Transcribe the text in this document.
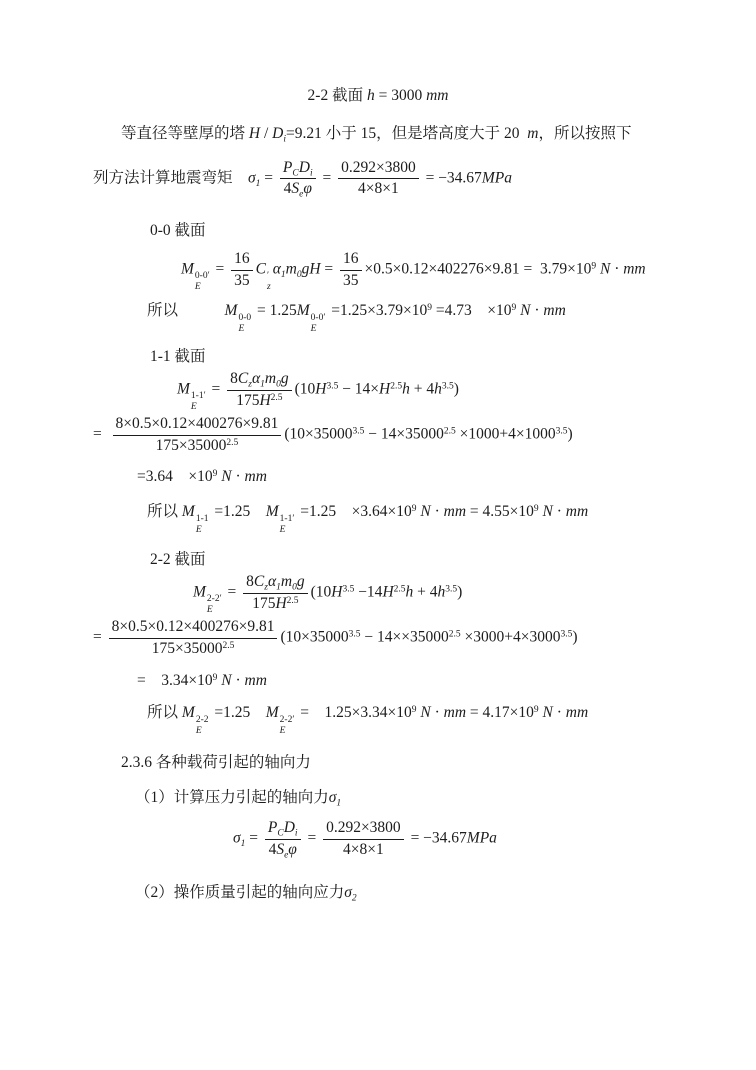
2-2 截面 h = 3000 mm
等直径等壁厚的塔 $H / D_i=9.21$ 小于 15，但是塔高度大于 20  m，所以按照下
列方法计算地震弯矩　$\sigma_1$ =
$P_CD_i$
$4S_e\varphi$
= $\frac{0.292\times 3800}{4\times 8\times 1} = -34.67MPa$
0-0 截面
M 0-0′
E
= $\frac{16}{35}$ C ′
z
$\alpha_1m_0gH = \frac{16}{35} \times 0.5\times 0.12\times 402276\times 9.81 = 3.79\times 10^9$ N · mm
所以　　　M 0-0
E
= 1.25M 0-0′
E
$=1.25\times 3.79\times 10^9 =4.73$　$\times 10^9$ N · mm
1-1 截面
M 1-1′
E
=
$8C_z\alpha_1m_0g$
$175H^{2.5}$ $(10H^{3.5} - 14\times H^{2.5}h + 4h^{3.5})$
= $\frac{8\times 0.5\times 0.12\times 400276\times 9.81}{175\times 35000^{2.5}} (10\times 35000^{3.5} - 14\times 35000^{2.5} \times 1000+4\times 1000^{3.5})$
=3.64　$\times 10^9$ N · mm
所以 M 1-1
E
=1.25　M 1-1′
E
=1.25　$\times 3.64\times 10^9$ N · mm = $4.55\times 10^9$ N · mm
2-2 截面
M 2-2′
E
=
$8C_z\alpha_1m_0g$
$175H^{2.5}$ $(10H^{3.5} -14H^{2.5}h + 4h^{3.5})$
= $\frac{8\times 0.5\times 0.12\times 400276\times 9.81}{175\times 35000^{2.5}} (10\times 35000^{3.5} - 14\times\times 35000^{2.5} \times 3000+4\times 3000^{3.5})$
=　$3.34\times 10^9$ N · mm
所以 M 2-2
E
=1.25　M 2-2′
E
=　$1.25\times 3.34\times 10^9$ N · mm = $4.17\times 10^9$ N · mm
2.3.6 各种载荷引起的轴向力
（1）计算压力引起的轴向力$\sigma_1$
$\sigma_1$ =
$P_CD_i$
$4S_e\varphi$
= $\frac{0.292\times 3800}{4\times 8\times 1} = -34.67MPa$
（2）操作质量引起的轴向应力$\sigma_2$
